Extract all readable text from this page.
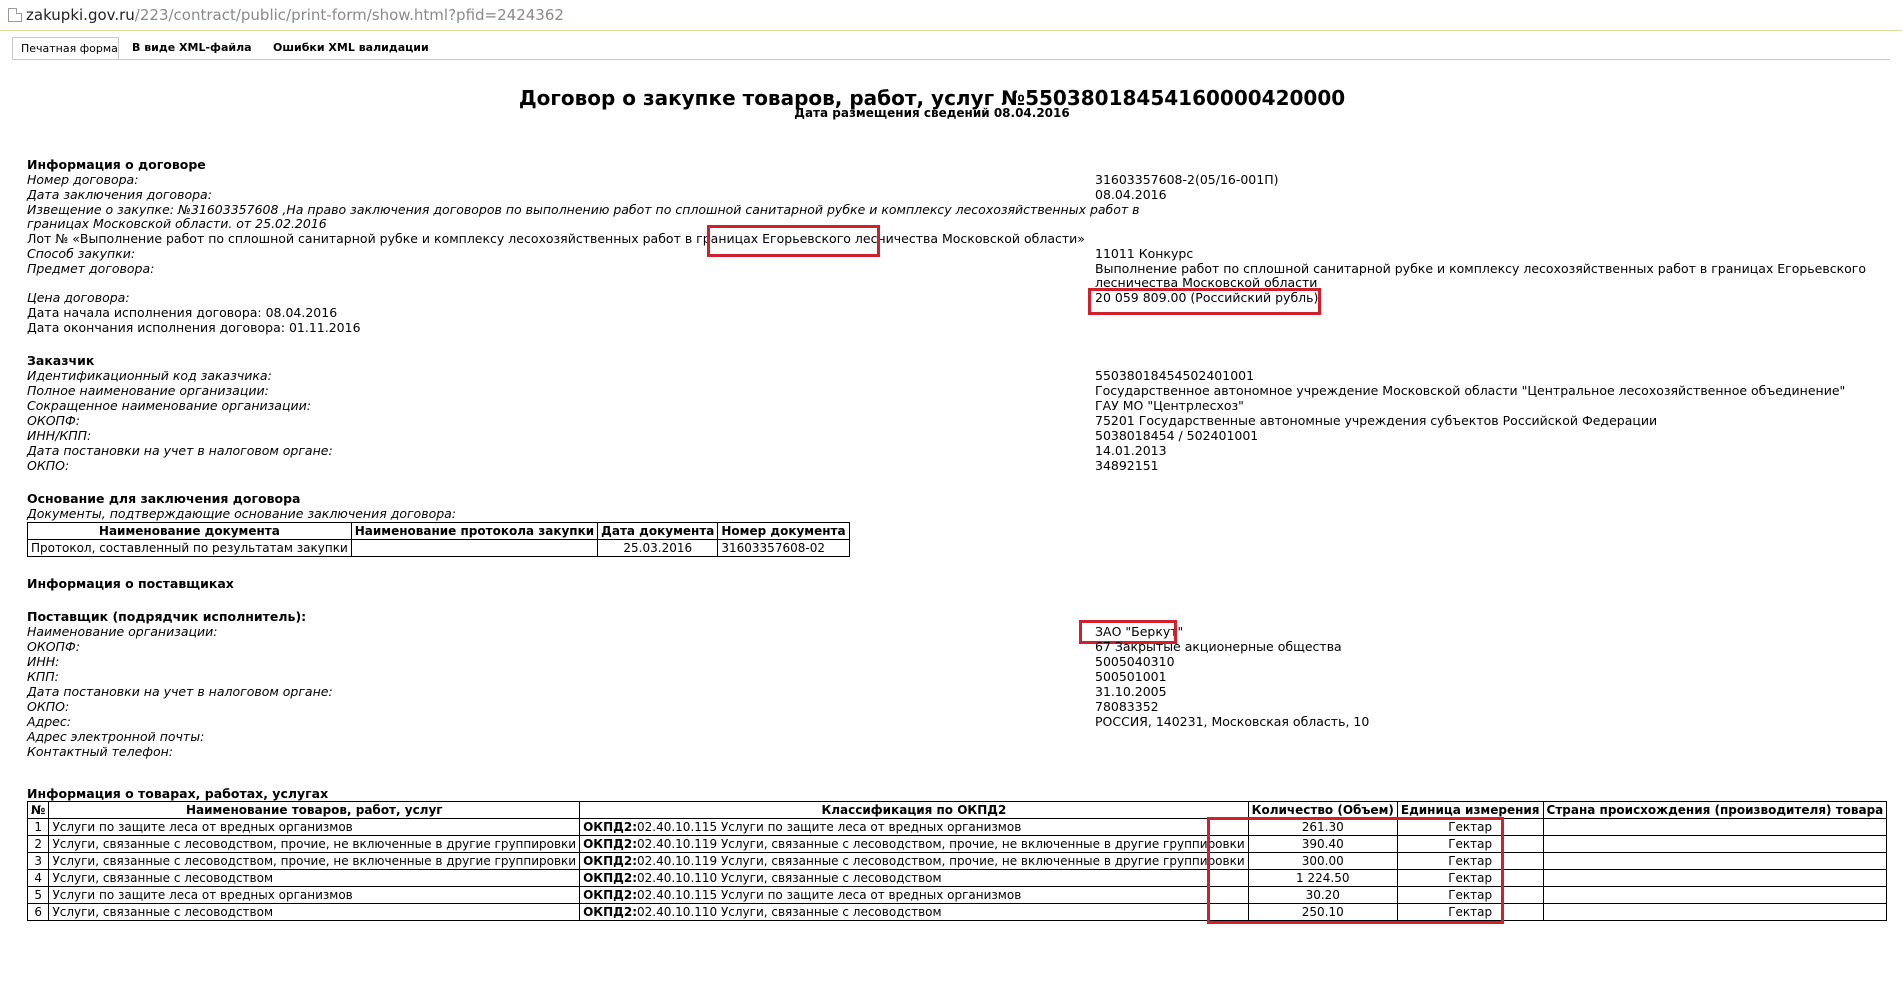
zakupki.gov.ru/223/contract/public/print-form/show.html?pfid=2424362
Печатная форма	В виде XML-файла	Ошибки XML валидации
Договор о закупке товаров, работ, услуг №55038018454160000420000
Дата размещения сведений 08.04.2016
Информация о договоре
Номер договора:	31603357608-2(05/16-001П)
Дата заключения договора:	08.04.2016
Извещение о закупке: №31603357608 ,На право заключения договоров по выполнению работ по сплошной санитарной рубке и комплексу лесохозяйственных работ в
границах Московской области. от 25.02.2016
Лот № «Выполнение работ по сплошной санитарной рубке и комплексу лесохозяйственных работ в границах Егорьевского лесничества Московской области»
Способ закупки:	11011 Конкурс
Предмет договора:	Выполнение работ по сплошной санитарной рубке и комплексу лесохозяйственных работ в границах Егорьевского
лесничества Московской области
Цена договора:	20 059 809.00 (Российский рубль)
Дата начала исполнения договора: 08.04.2016
Дата окончания исполнения договора: 01.11.2016
Заказчик
Идентификационный код заказчика:	55038018454502401001
Полное наименование организации:	Государственное автономное учреждение Московской области "Центральное лесохозяйственное объединение"
Сокращенное наименование организации:	ГАУ МО "Центрлесхоз"
ОКОПФ:	75201 Государственные автономные учреждения субъектов Российской Федерации
ИНН/КПП:	5038018454 / 502401001
Дата постановки на учет в налоговом органе:	14.01.2013
ОКПО:	34892151
Основание для заключения договора
Документы, подтверждающие основание заключения договора:
Наименование документа	Наименование протокола закупки	Дата документа	Номер документа
Протокол, составленный по результатам закупки		25.03.2016	31603357608-02
Информация о поставщиках
Поставщик (подрядчик исполнитель):
Наименование организации:	ЗАО "Беркут"
ОКОПФ:	67 Закрытые акционерные общества
ИНН:	5005040310
КПП:	500501001
Дата постановки на учет в налоговом органе:	31.10.2005
ОКПО:	78083352
Адрес:	РОССИЯ, 140231, Московская область, 10
Адрес электронной почты:
Контактный телефон:
Информация о товарах, работах, услугах
№	Наименование товаров, работ, услуг	Классификация по ОКПД2	Количество (Объем)	Единица измерения	Страна происхождения (производителя) товара
1	Услуги по защите леса от вредных организмов	ОКПД2:02.40.10.115 Услуги по защите леса от вредных организмов	261.30	Гектар	
2	Услуги, связанные с лесоводством, прочие, не включенные в другие группировки	ОКПД2:02.40.10.119 Услуги, связанные с лесоводством, прочие, не включенные в другие группировки	390.40	Гектар	
3	Услуги, связанные с лесоводством, прочие, не включенные в другие группировки	ОКПД2:02.40.10.119 Услуги, связанные с лесоводством, прочие, не включенные в другие группировки	300.00	Гектар	
4	Услуги, связанные с лесоводством	ОКПД2:02.40.10.110 Услуги, связанные с лесоводством	1 224.50	Гектар	
5	Услуги по защите леса от вредных организмов	ОКПД2:02.40.10.115 Услуги по защите леса от вредных организмов	30.20	Гектар	
6	Услуги, связанные с лесоводством	ОКПД2:02.40.10.110 Услуги, связанные с лесоводством	250.10	Гектар	
